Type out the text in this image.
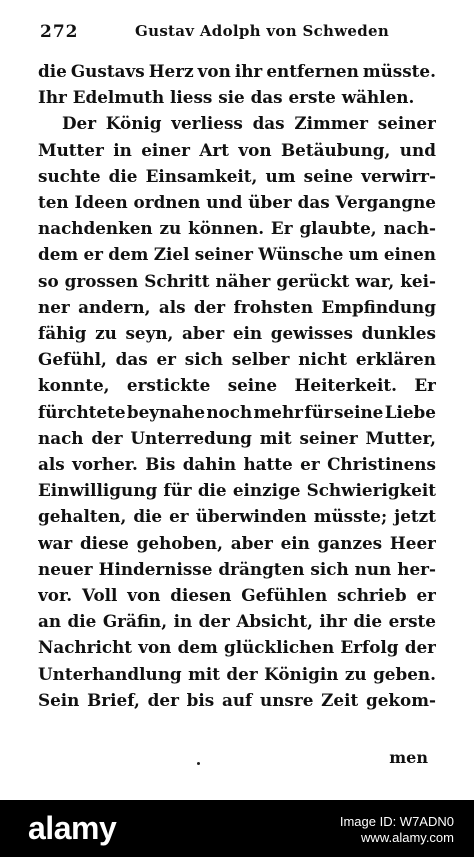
272	Gustav Adolph von Schweden
die Gustavs Herz von ihr entfernen müsste.
Ihr Edelmuth liess sie das erste wählen.
Der König verliess das Zimmer seiner
Mutter in einer Art von Betäubung, und
suchte die Einsamkeit, um seine verwirr-
ten Ideen ordnen und über das Vergangne
nachdenken zu können. Er glaubte, nach-
dem er dem Ziel seiner Wünsche um einen
so grossen Schritt näher gerückt war, kei-
ner andern, als der frohsten Empfindung
fähig zu seyn, aber ein gewisses dunkles
Gefühl, das er sich selber nicht erklären
konnte, erstickte seine Heiterkeit. Er
fürchtete beynahe noch mehr für seine Liebe
nach der Unterredung mit seiner Mutter,
als vorher. Bis dahin hatte er Christinens
Einwilligung für die einzige Schwierigkeit
gehalten, die er überwinden müsste; jetzt
war diese gehoben, aber ein ganzes Heer
neuer Hindernisse drängten sich nun her-
vor. Voll von diesen Gefühlen schrieb er
an die Gräfin, in der Absicht, ihr die erste
Nachricht von dem glücklichen Erfolg der
Unterhandlung mit der Königin zu geben.
Sein Brief, der bis auf unsre Zeit gekom-
men
alamy	Image ID: W7ADN0
www.alamy.com
